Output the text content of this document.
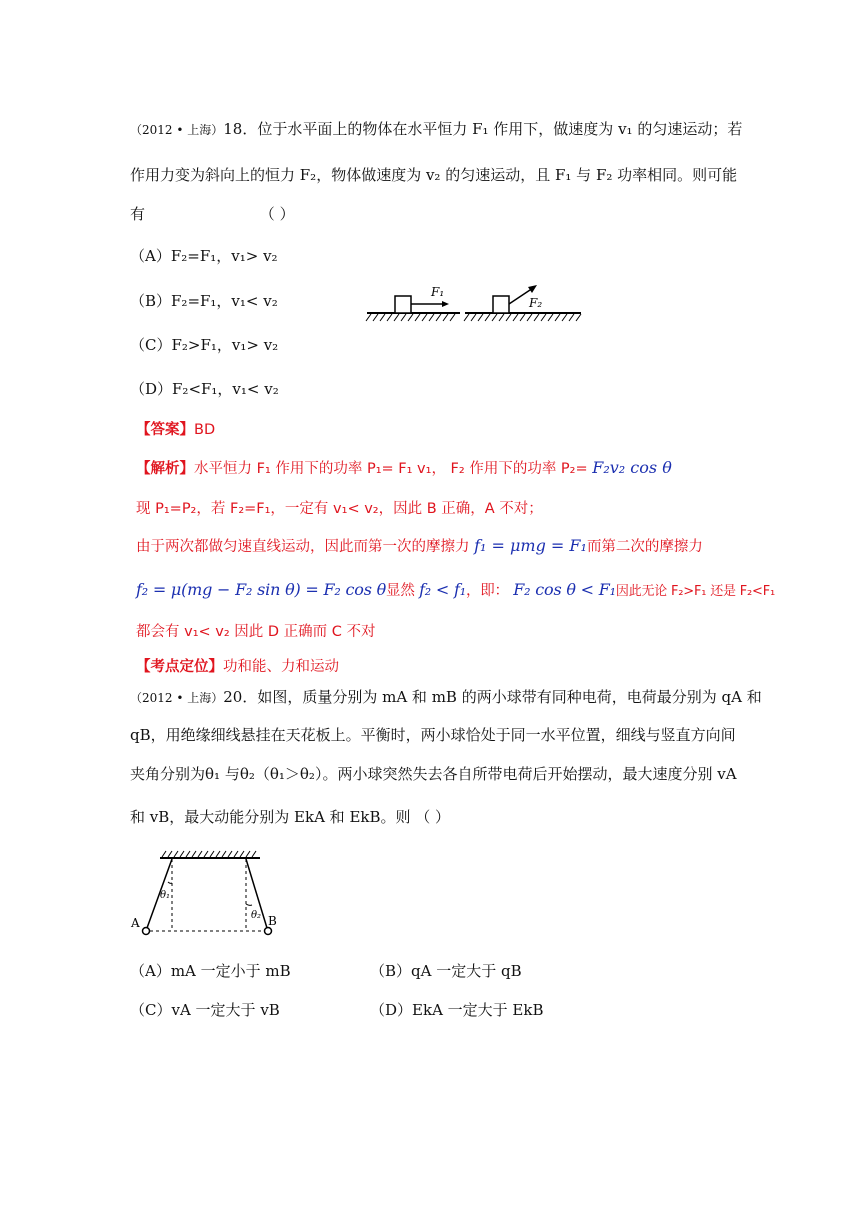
（2012 • 上海）18．位于水平面上的物体在水平恒力 F₁ 作用下，做速度为 v₁ 的匀速运动；若
作用力变为斜向上的恒力 F₂，物体做速度为 v₂ 的匀速运动，且 F₁ 与 F₂ 功率相同。则可能
有	（ ）
（A）F₂=F₁，v₁> v₂
（B）F₂=F₁，v₁< v₂
（C）F₂>F₁，v₁> v₂
（D）F₂<F₁，v₁< v₂
F₁
F₂
【答案】BD
【解析】水平恒力 F₁ 作用下的功率 P₁= F₁ v₁， F₂ 作用下的功率 P₂= F₂v₂ cos θ
现 P₁=P₂，若 F₂=F₁，一定有 v₁< v₂，因此 B 正确，A 不对；
由于两次都做匀速直线运动，因此而第一次的摩擦力 f₁ = μmg = F₁而第二次的摩擦力
f₂ = μ(mg − F₂ sin θ) = F₂ cos θ显然 f₂ < f₁，即： F₂ cos θ < F₁因此无论 F₂>F₁ 还是 F₂<F₁
都会有 v₁< v₂ 因此 D 正确而 C 不对
【考点定位】功和能、力和运动
（2012 • 上海）20．如图，质量分别为 mA 和 mB 的两小球带有同种电荷，电荷最分别为 qA 和
qB，用绝缘细线悬挂在天花板上。平衡时，两小球恰处于同一水平位置，细线与竖直方向间
夹角分别为θ₁ 与θ₂（θ₁＞θ₂）。两小球突然失去各自所带电荷后开始摆动，最大速度分别 vA
和 vB，最大动能分别为 EkA 和 EkB。则 （ ）
θ₁
θ₂
A	B
（A）mA 一定小于 mB	（B）qA 一定大于 qB
（C）vA 一定大于 vB	（D）EkA 一定大于 EkB
